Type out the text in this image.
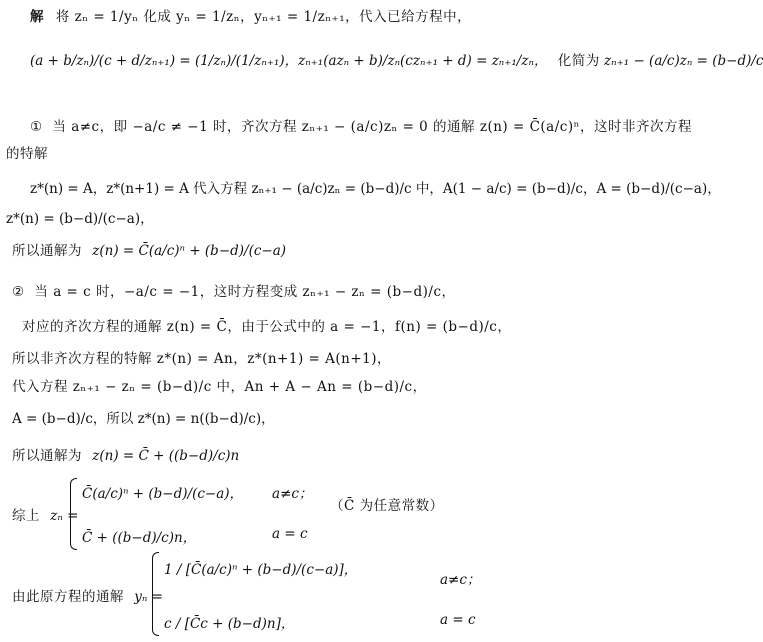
解 将 zₙ = 1/yₙ 化成 yₙ = 1/zₙ，yₙ₊₁ = 1/zₙ₊₁，代入已给方程中，
(a + b/zₙ)/(c + d/zₙ₊₁) = (1/zₙ)/(1/zₙ₊₁)，zₙ₊₁(azₙ + b)/zₙ(czₙ₊₁ + d) = zₙ₊₁/zₙ， 化简为 zₙ₊₁ − (a/c)zₙ = (b−d)/c
① 当 a≠c，即 −a/c ≠ −1 时，齐次方程 zₙ₊₁ − (a/c)zₙ = 0 的通解 z(n) = C̄(a/c)ⁿ，这时非齐次方程
的特解
z*(n) = A，z*(n+1) = A 代入方程 zₙ₊₁ − (a/c)zₙ = (b−d)/c 中，A(1 − a/c) = (b−d)/c，A = (b−d)/(c−a)，
z*(n) = (b−d)/(c−a)，
所以通解为 z(n) = C̄(a/c)ⁿ + (b−d)/(c−a)
② 当 a = c 时，−a/c = −1，这时方程变成 zₙ₊₁ − zₙ = (b−d)/c，
对应的齐次方程的通解 z(n) = C̄，由于公式中的 a = −1，f(n) = (b−d)/c，
所以非齐次方程的特解 z*(n) = An，z*(n+1) = A(n+1)，
代入方程 zₙ₊₁ − zₙ = (b−d)/c 中，An + A − An = (b−d)/c，
A = (b−d)/c，所以 z*(n) = n((b−d)/c)，
所以通解为 z(n) = C̄ + ((b−d)/c)n
综上 zₙ =
C̄(a/c)ⁿ + (b−d)/(c−a)， a≠c；
（C̄ 为任意常数）
C̄ + ((b−d)/c)n，	a = c
由此原方程的通解 yₙ =
1 / [C̄(a/c)ⁿ + (b−d)/(c−a)]，
a≠c；
c / [C̄c + (b−d)n]，	a = c
